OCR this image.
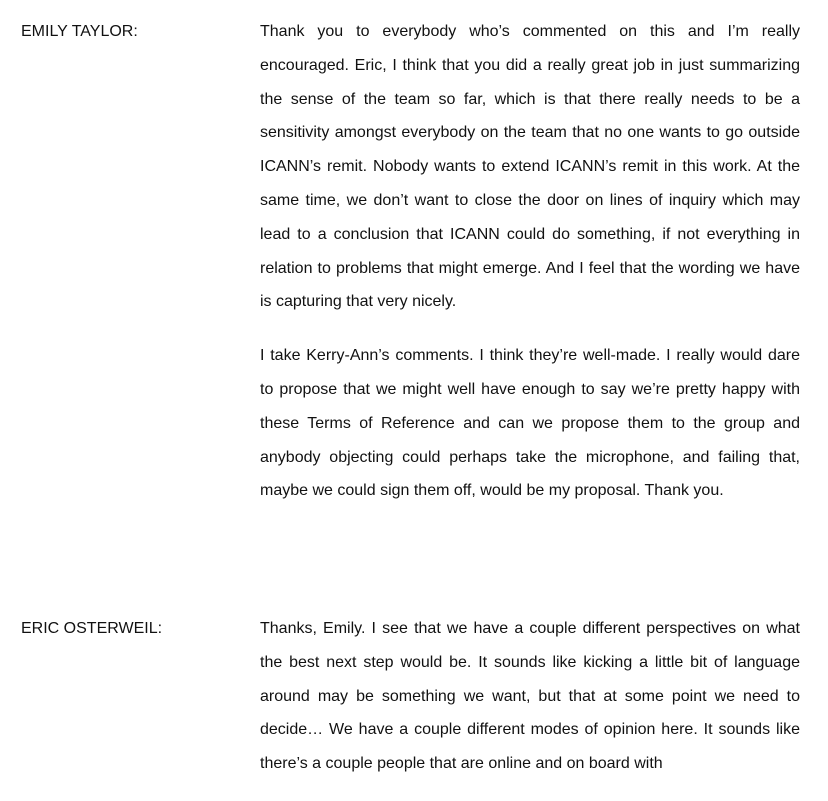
EMILY TAYLOR:	Thank you to everybody who’s commented on this and I’m really encouraged. Eric, I think that you did a really great job in just summarizing the sense of the team so far, which is that there really needs to be a sensitivity amongst everybody on the team that no one wants to go outside ICANN’s remit. Nobody wants to extend ICANN’s remit in this work. At the same time, we don’t want to close the door on lines of inquiry which may lead to a conclusion that ICANN could do something, if not everything in relation to problems that might emerge. And I feel that the wording we have is capturing that very nicely.

I take Kerry-Ann’s comments. I think they’re well-made. I really would dare to propose that we might well have enough to say we’re pretty happy with these Terms of Reference and can we propose them to the group and anybody objecting could perhaps take the microphone, and failing that, maybe we could sign them off, would be my proposal. Thank you.

ERIC OSTERWEIL:	Thanks, Emily. I see that we have a couple different perspectives on what the best next step would be. It sounds like kicking a little bit of language around may be something we want, but that at some point we need to decide… We have a couple different modes of opinion here. It sounds like there’s a couple people that are online and on board with
